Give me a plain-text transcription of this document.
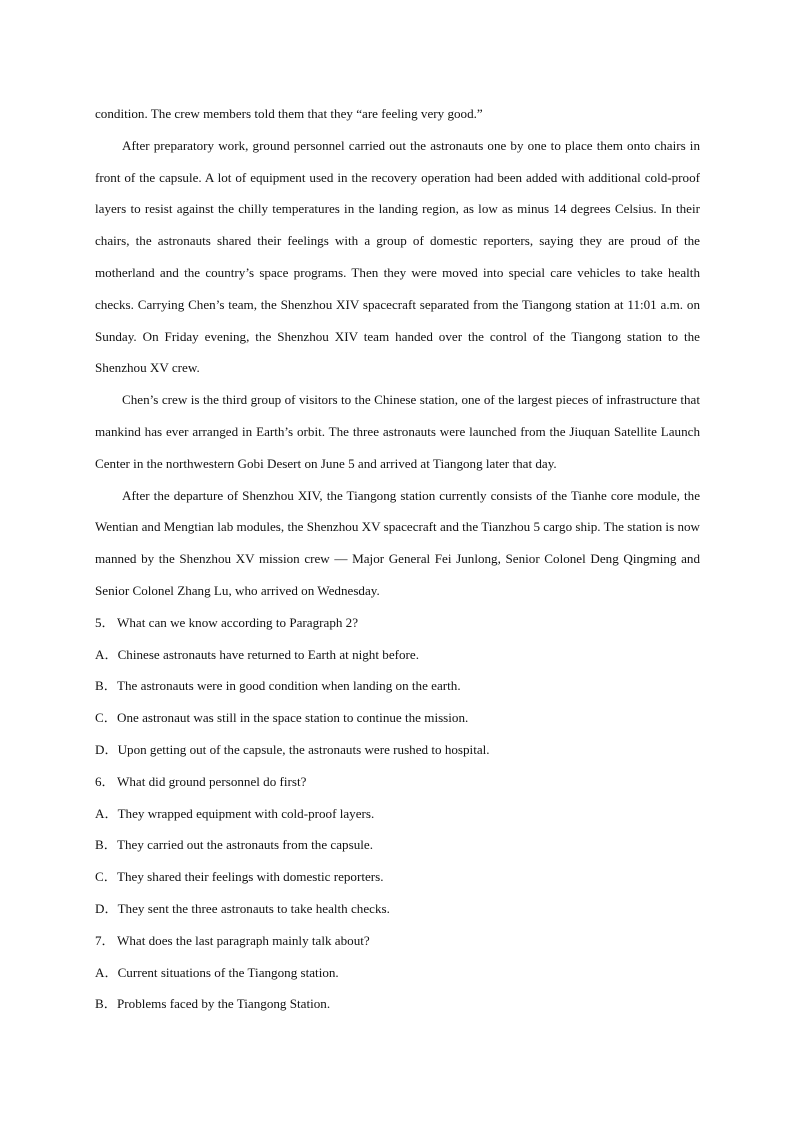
condition. The crew members told them that they “are feeling very good.”

After preparatory work, ground personnel carried out the astronauts one by one to place them onto chairs in front of the capsule. A lot of equipment used in the recovery operation had been added with additional cold-proof layers to resist against the chilly temperatures in the landing region, as low as minus 14 degrees Celsius. In their chairs, the astronauts shared their feelings with a group of domestic reporters, saying they are proud of the motherland and the country’s space programs. Then they were moved into special care vehicles to take health checks. Carrying Chen’s team, the Shenzhou XIV spacecraft separated from the Tiangong station at 11:01 a.m. on Sunday. On Friday evening, the Shenzhou XIV team handed over the control of the Tiangong station to the Shenzhou XV crew.

Chen’s crew is the third group of visitors to the Chinese station, one of the largest pieces of infrastructure that mankind has ever arranged in Earth’s orbit. The three astronauts were launched from the Jiuquan Satellite Launch Center in the northwestern Gobi Desert on June 5 and arrived at Tiangong later that day.

After the departure of Shenzhou XIV, the Tiangong station currently consists of the Tianhe core module, the Wentian and Mengtian lab modules, the Shenzhou XV spacecraft and the Tianzhou 5 cargo ship. The station is now manned by the Shenzhou XV mission crew — Major General Fei Junlong, Senior Colonel Deng Qingming and Senior Colonel Zhang Lu, who arrived on Wednesday.

5． What can we know according to Paragraph 2?

A．Chinese astronauts have returned to Earth at night before.

B．The astronauts were in good condition when landing on the earth.

C．One astronaut was still in the space station to continue the mission.

D．Upon getting out of the capsule, the astronauts were rushed to hospital.

6． What did ground personnel do first?

A．They wrapped equipment with cold-proof layers.

B．They carried out the astronauts from the capsule.

C．They shared their feelings with domestic reporters.

D．They sent the three astronauts to take health checks.

7． What does the last paragraph mainly talk about?

A．Current situations of the Tiangong station.

B．Problems faced by the Tiangong Station.
